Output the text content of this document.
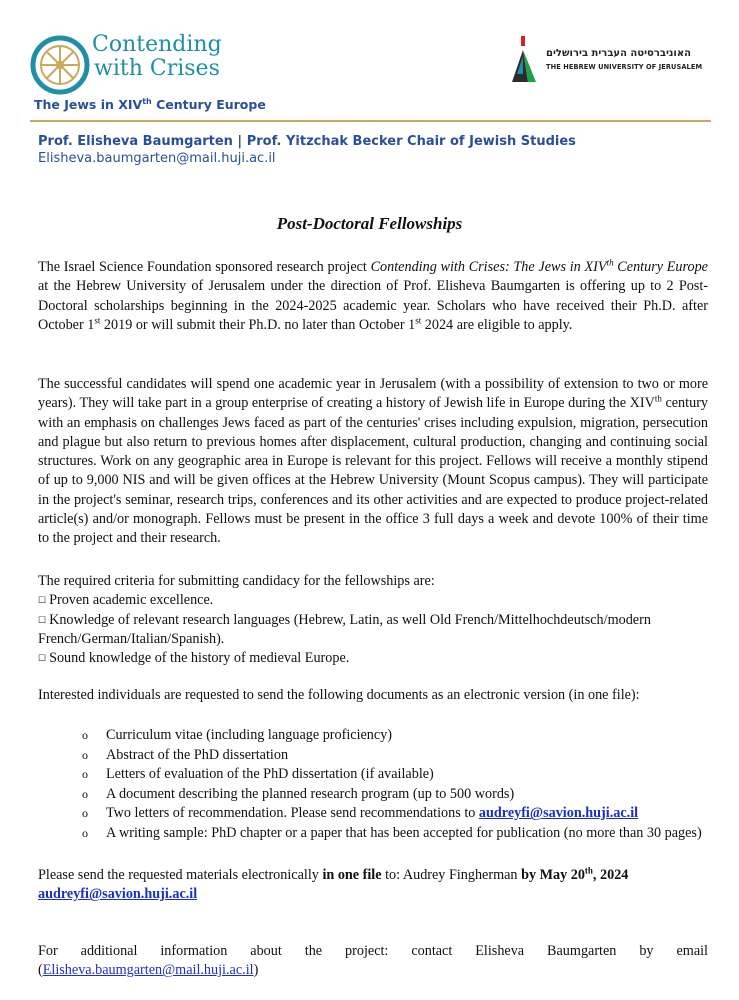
Contending
with Crises
The Jews in XIVth Century Europe
האוניברסיטה העברית בירושלים
THE HEBREW UNIVERSITY OF JERUSALEM
Prof. Elisheva Baumgarten | Prof. Yitzchak Becker Chair of Jewish Studies
Elisheva.baumgarten@mail.huji.ac.il
Post-Doctoral Fellowships
The Israel Science Foundation sponsored research project Contending with Crises: The Jews in XIVth Century Europe at the Hebrew University of Jerusalem under the direction of Prof. Elisheva Baumgarten is offering up to 2 Post-Doctoral scholarships beginning in the 2024-2025 academic year. Scholars who have received their Ph.D. after October 1st 2019 or will submit their Ph.D. no later than October 1st 2024 are eligible to apply.
The successful candidates will spend one academic year in Jerusalem (with a possibility of extension to two or more years). They will take part in a group enterprise of creating a history of Jewish life in Europe during the XIVth century with an emphasis on challenges Jews faced as part of the centuries' crises including expulsion, migration, persecution and plague but also return to previous homes after displacement, cultural production, changing and continuing social structures. Work on any geographic area in Europe is relevant for this project. Fellows will receive a monthly stipend of up to 9,000 NIS and will be given offices at the Hebrew University (Mount Scopus campus). They will participate in the project's seminar, research trips, conferences and its other activities and are expected to produce project-related article(s) and/or monograph. Fellows must be present in the office 3 full days a week and devote 100% of their time to the project and their research.
The required criteria for submitting candidacy for the fellowships are:
☐ Proven academic excellence.
☐ Knowledge of relevant research languages (Hebrew, Latin, as well Old French/Mittelhochdeutsch/modern French/German/Italian/Spanish).
☐ Sound knowledge of the history of medieval Europe.
Interested individuals are requested to send the following documents as an electronic version (in one file):
o Curriculum vitae (including language proficiency)
o Abstract of the PhD dissertation
o Letters of evaluation of the PhD dissertation (if available)
o A document describing the planned research program (up to 500 words)
o Two letters of recommendation. Please send recommendations to audreyfi@savion.huji.ac.il
o A writing sample: PhD chapter or a paper that has been accepted for publication (no more than 30 pages)
Please send the requested materials electronically in one file to: Audrey Fingherman by May 20th, 2024
audreyfi@savion.huji.ac.il
For additional information about the project: contact Elisheva Baumgarten by email (Elisheva.baumgarten@mail.huji.ac.il)
